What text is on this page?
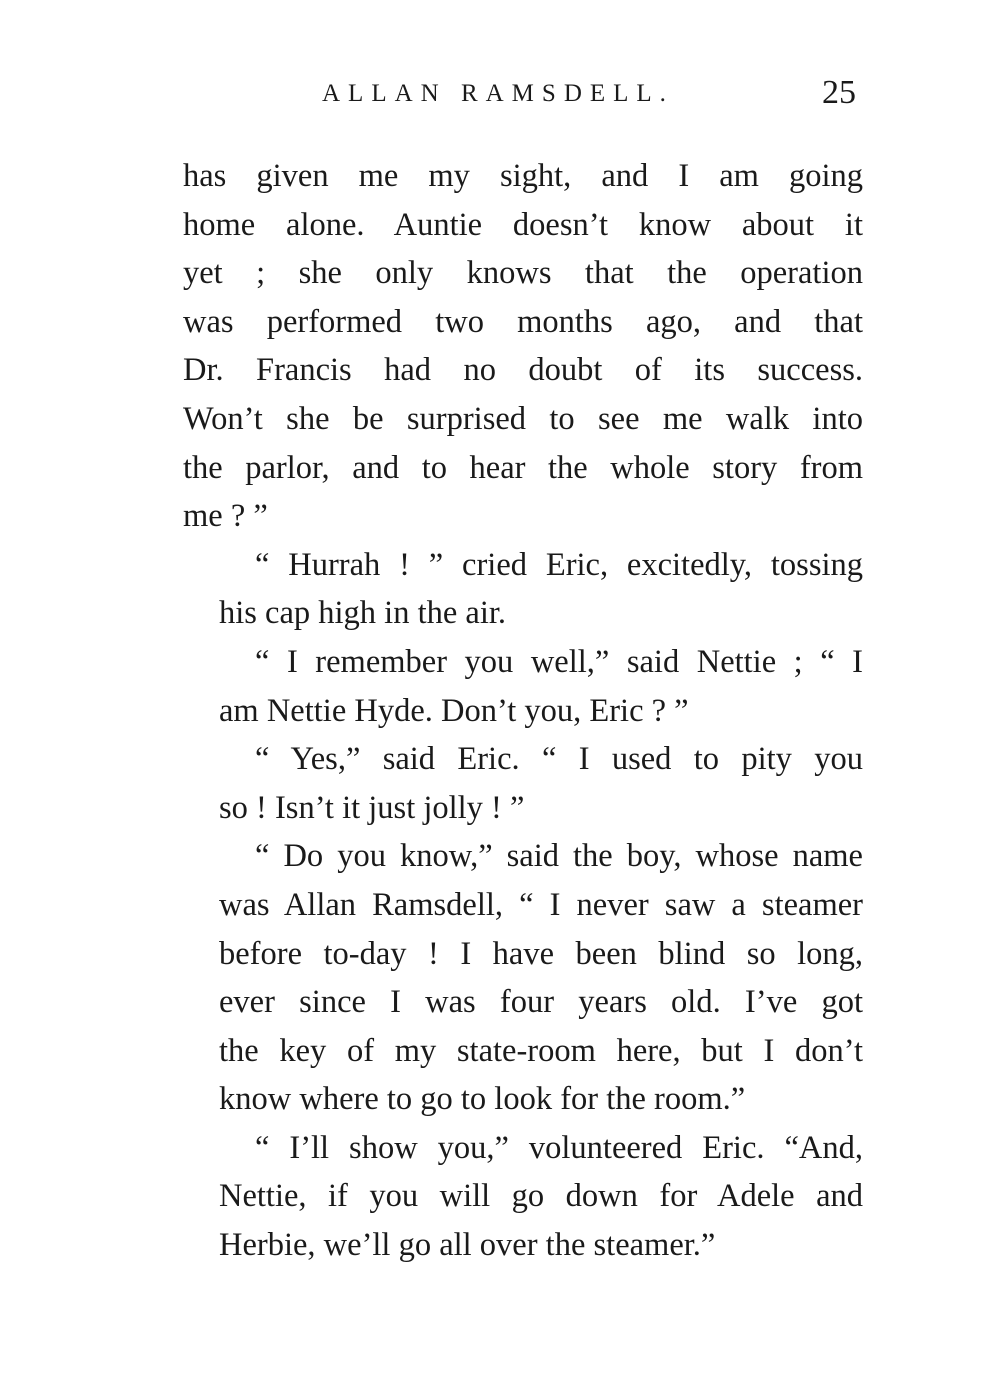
ALLAN RAMSDELL.	25

has given me my sight, and I am going
home alone. Auntie doesn’t know about it
yet ; she only knows that the operation
was performed two months ago, and that
Dr. Francis had no doubt of its success.
Won’t she be surprised to see me walk into
the parlor, and to hear the whole story from
me ? ”

“ Hurrah ! ” cried Eric, excitedly, tossing
his cap high in the air.

“ I remember you well,” said Nettie ; “ I
am Nettie Hyde. Don’t you, Eric ? ”

“ Yes,” said Eric. “ I used to pity you
so ! Isn’t it just jolly ! ”

“ Do you know,” said the boy, whose name
was Allan Ramsdell, “ I never saw a steamer
before to-day ! I have been blind so long,
ever since I was four years old. I’ve got
the key of my state-room here, but I don’t
know where to go to look for the room.”

“ I’ll show you,” volunteered Eric. “And,
Nettie, if you will go down for Adele and
Herbie, we’ll go all over the steamer.”
